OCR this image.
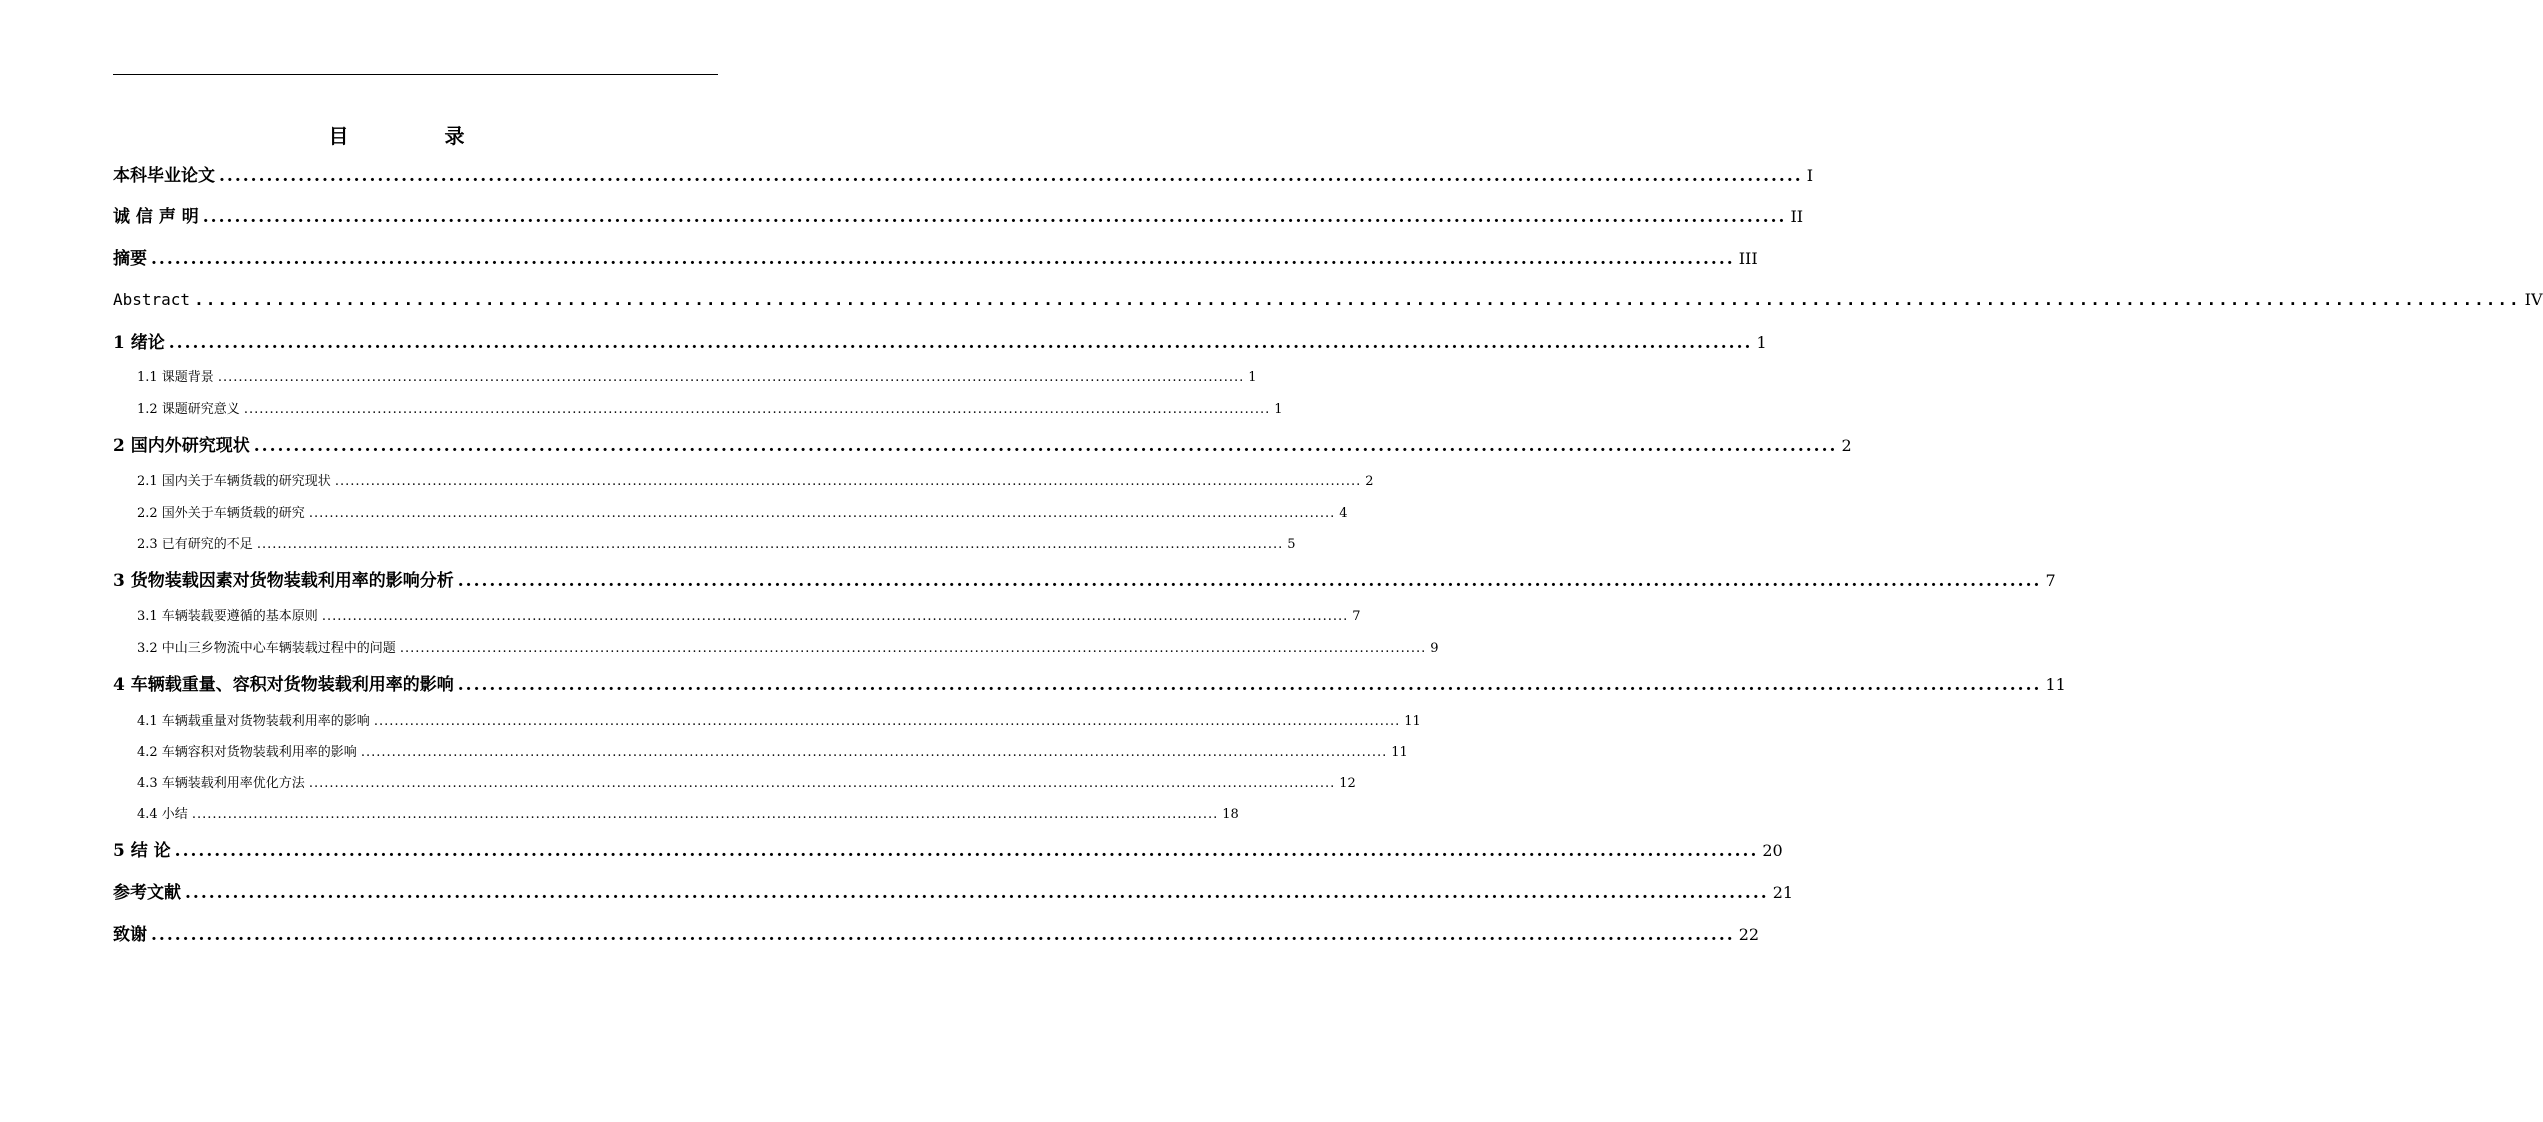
目　录
本科毕业论文 ........................................................................................................................................................................................................ I
诚 信 声 明 ........................................................................................................................................................................................................ II
摘要 ........................................................................................................................................................................................................ III
Abstract ........................................................................................................................................................................................................ IV
1 绪论 ........................................................................................................................................................................................................ 1
1.1 课题背景 ........................................................................................................................................................................................................ 1
1.2 课题研究意义 ........................................................................................................................................................................................................ 1
2 国内外研究现状 ........................................................................................................................................................................................................ 2
2.1 国内关于车辆货载的研究现状 ........................................................................................................................................................................................................ 2
2.2 国外关于车辆货载的研究 ........................................................................................................................................................................................................ 4
2.3 已有研究的不足 ........................................................................................................................................................................................................ 5
3 货物装载因素对货物装载利用率的影响分析 ........................................................................................................................................................................................................ 7
3.1 车辆装载要遵循的基本原则 ........................................................................................................................................................................................................ 7
3.2 中山三乡物流中心车辆装载过程中的问题 ........................................................................................................................................................................................................ 9
4 车辆载重量、容积对货物装载利用率的影响 ........................................................................................................................................................................................................ 11
4.1 车辆载重量对货物装载利用率的影响 ........................................................................................................................................................................................................ 11
4.2 车辆容积对货物装载利用率的影响 ........................................................................................................................................................................................................ 11
4.3 车辆装载利用率优化方法 ........................................................................................................................................................................................................ 12
4.4 小结 ........................................................................................................................................................................................................ 18
5 结 论 ........................................................................................................................................................................................................ 20
参考文献 ........................................................................................................................................................................................................ 21
致谢 ........................................................................................................................................................................................................ 22
